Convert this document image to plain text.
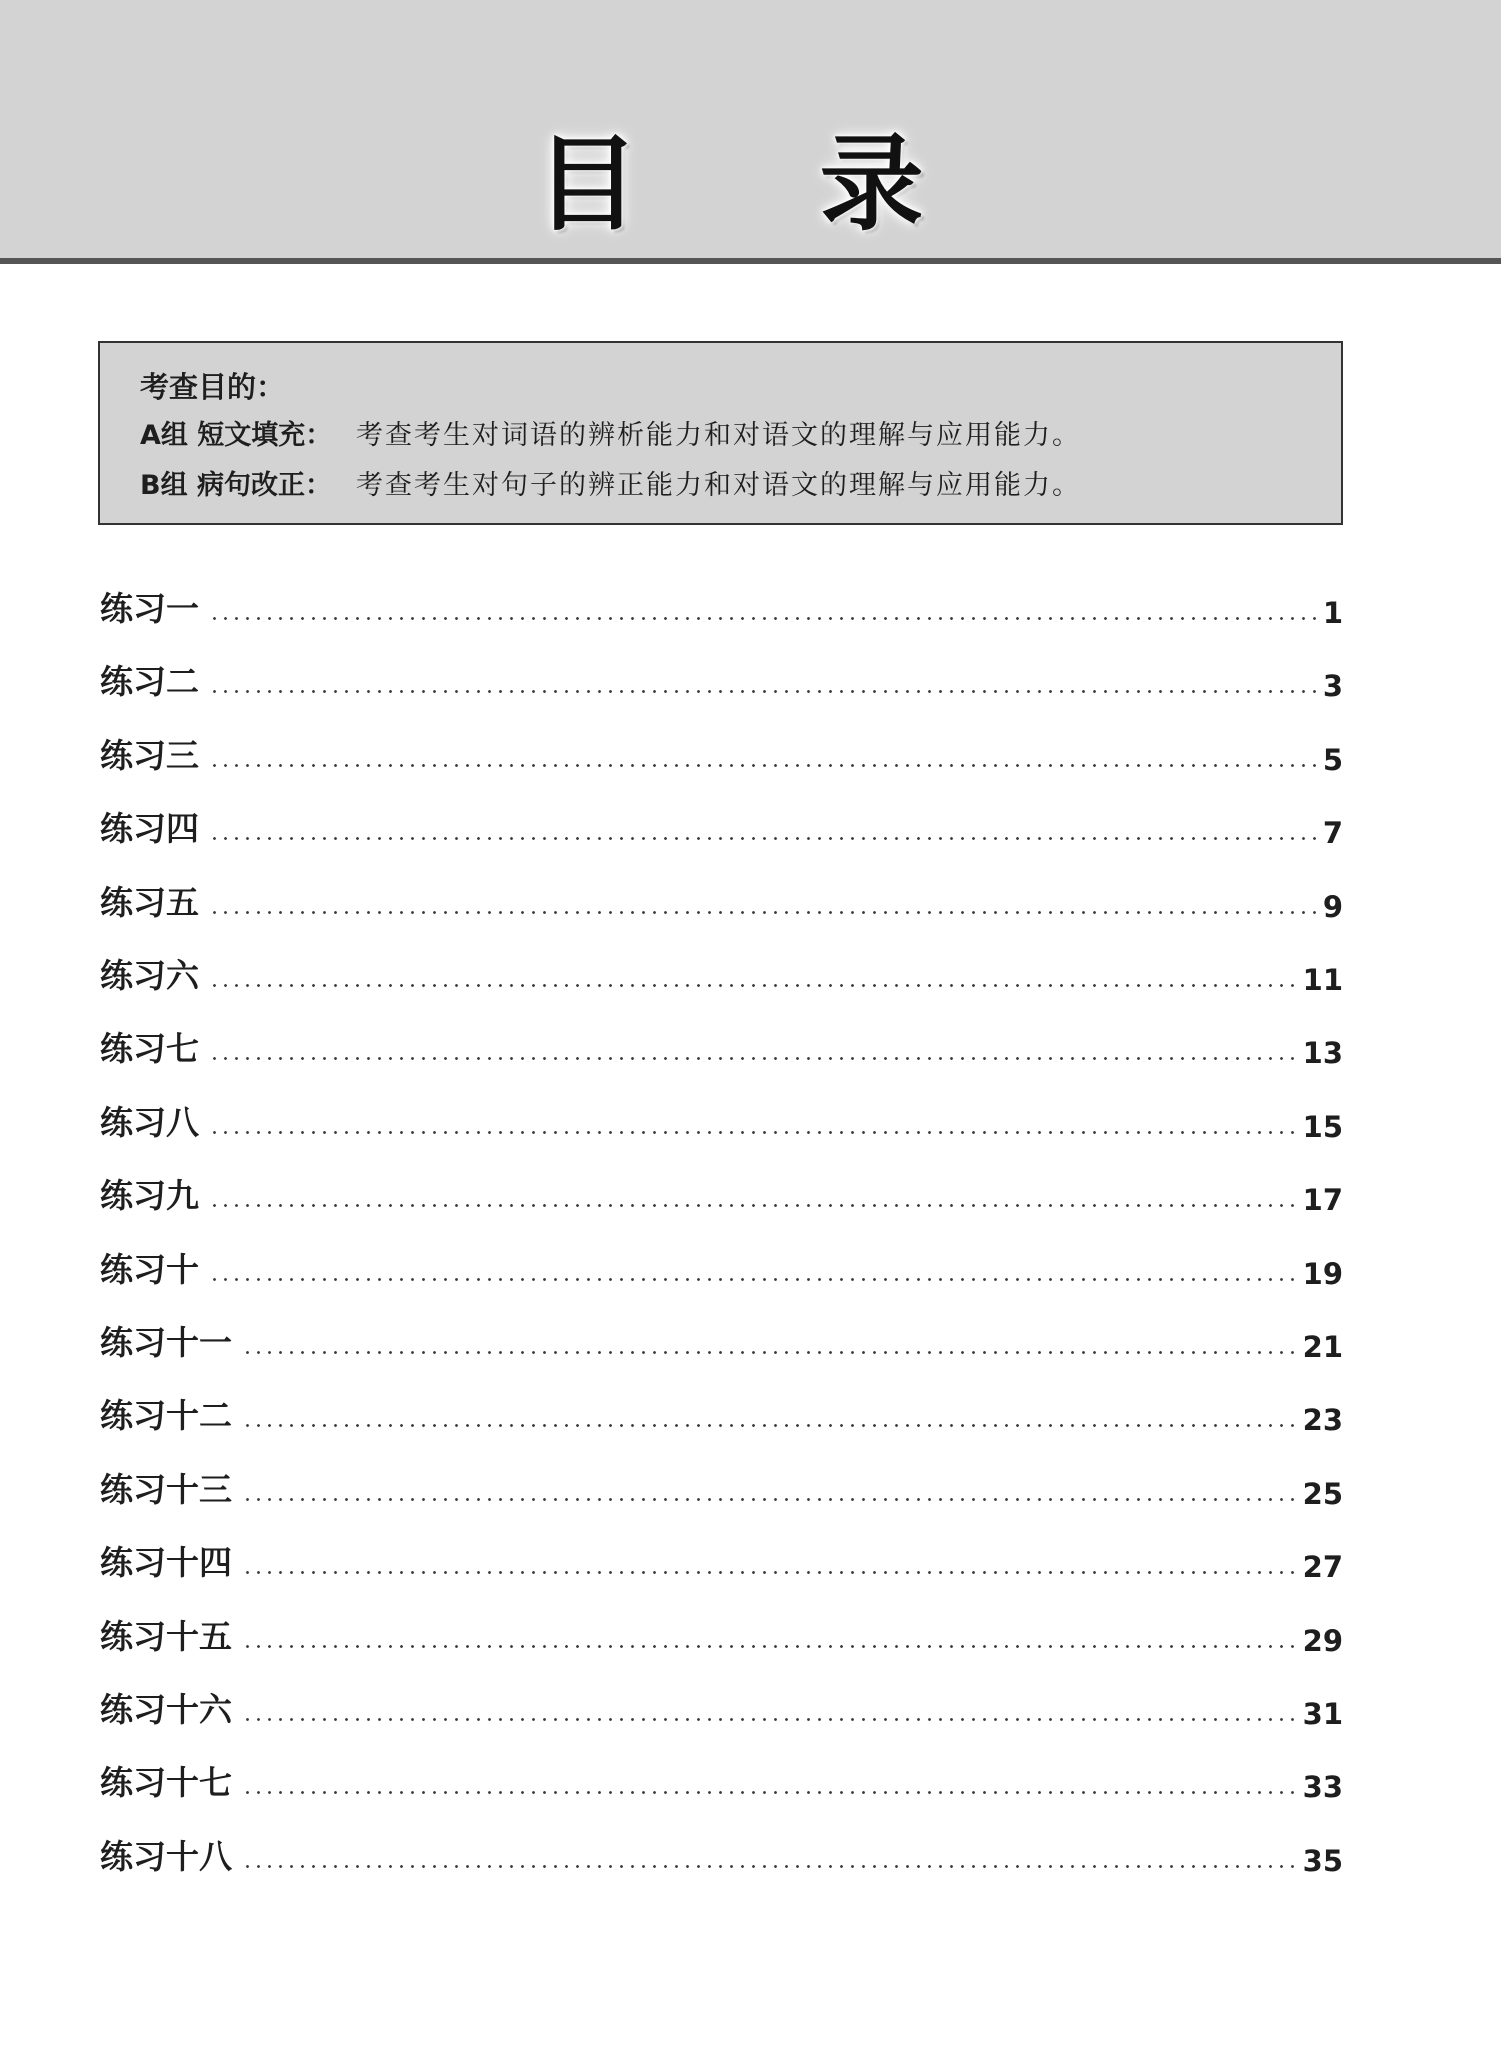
目 录
考查目的：
A组 短文填充： 考查考生对词语的辨析能力和对语文的理解与应用能力。
B组 病句改正： 考查考生对句子的辨正能力和对语文的理解与应用能力。
练习一	1
练习二	3
练习三	5
练习四	7
练习五	9
练习六	11
练习七	13
练习八	15
练习九	17
练习十	19
练习十一	21
练习十二	23
练习十三	25
练习十四	27
练习十五	29
练习十六	31
练习十七	33
练习十八	35
